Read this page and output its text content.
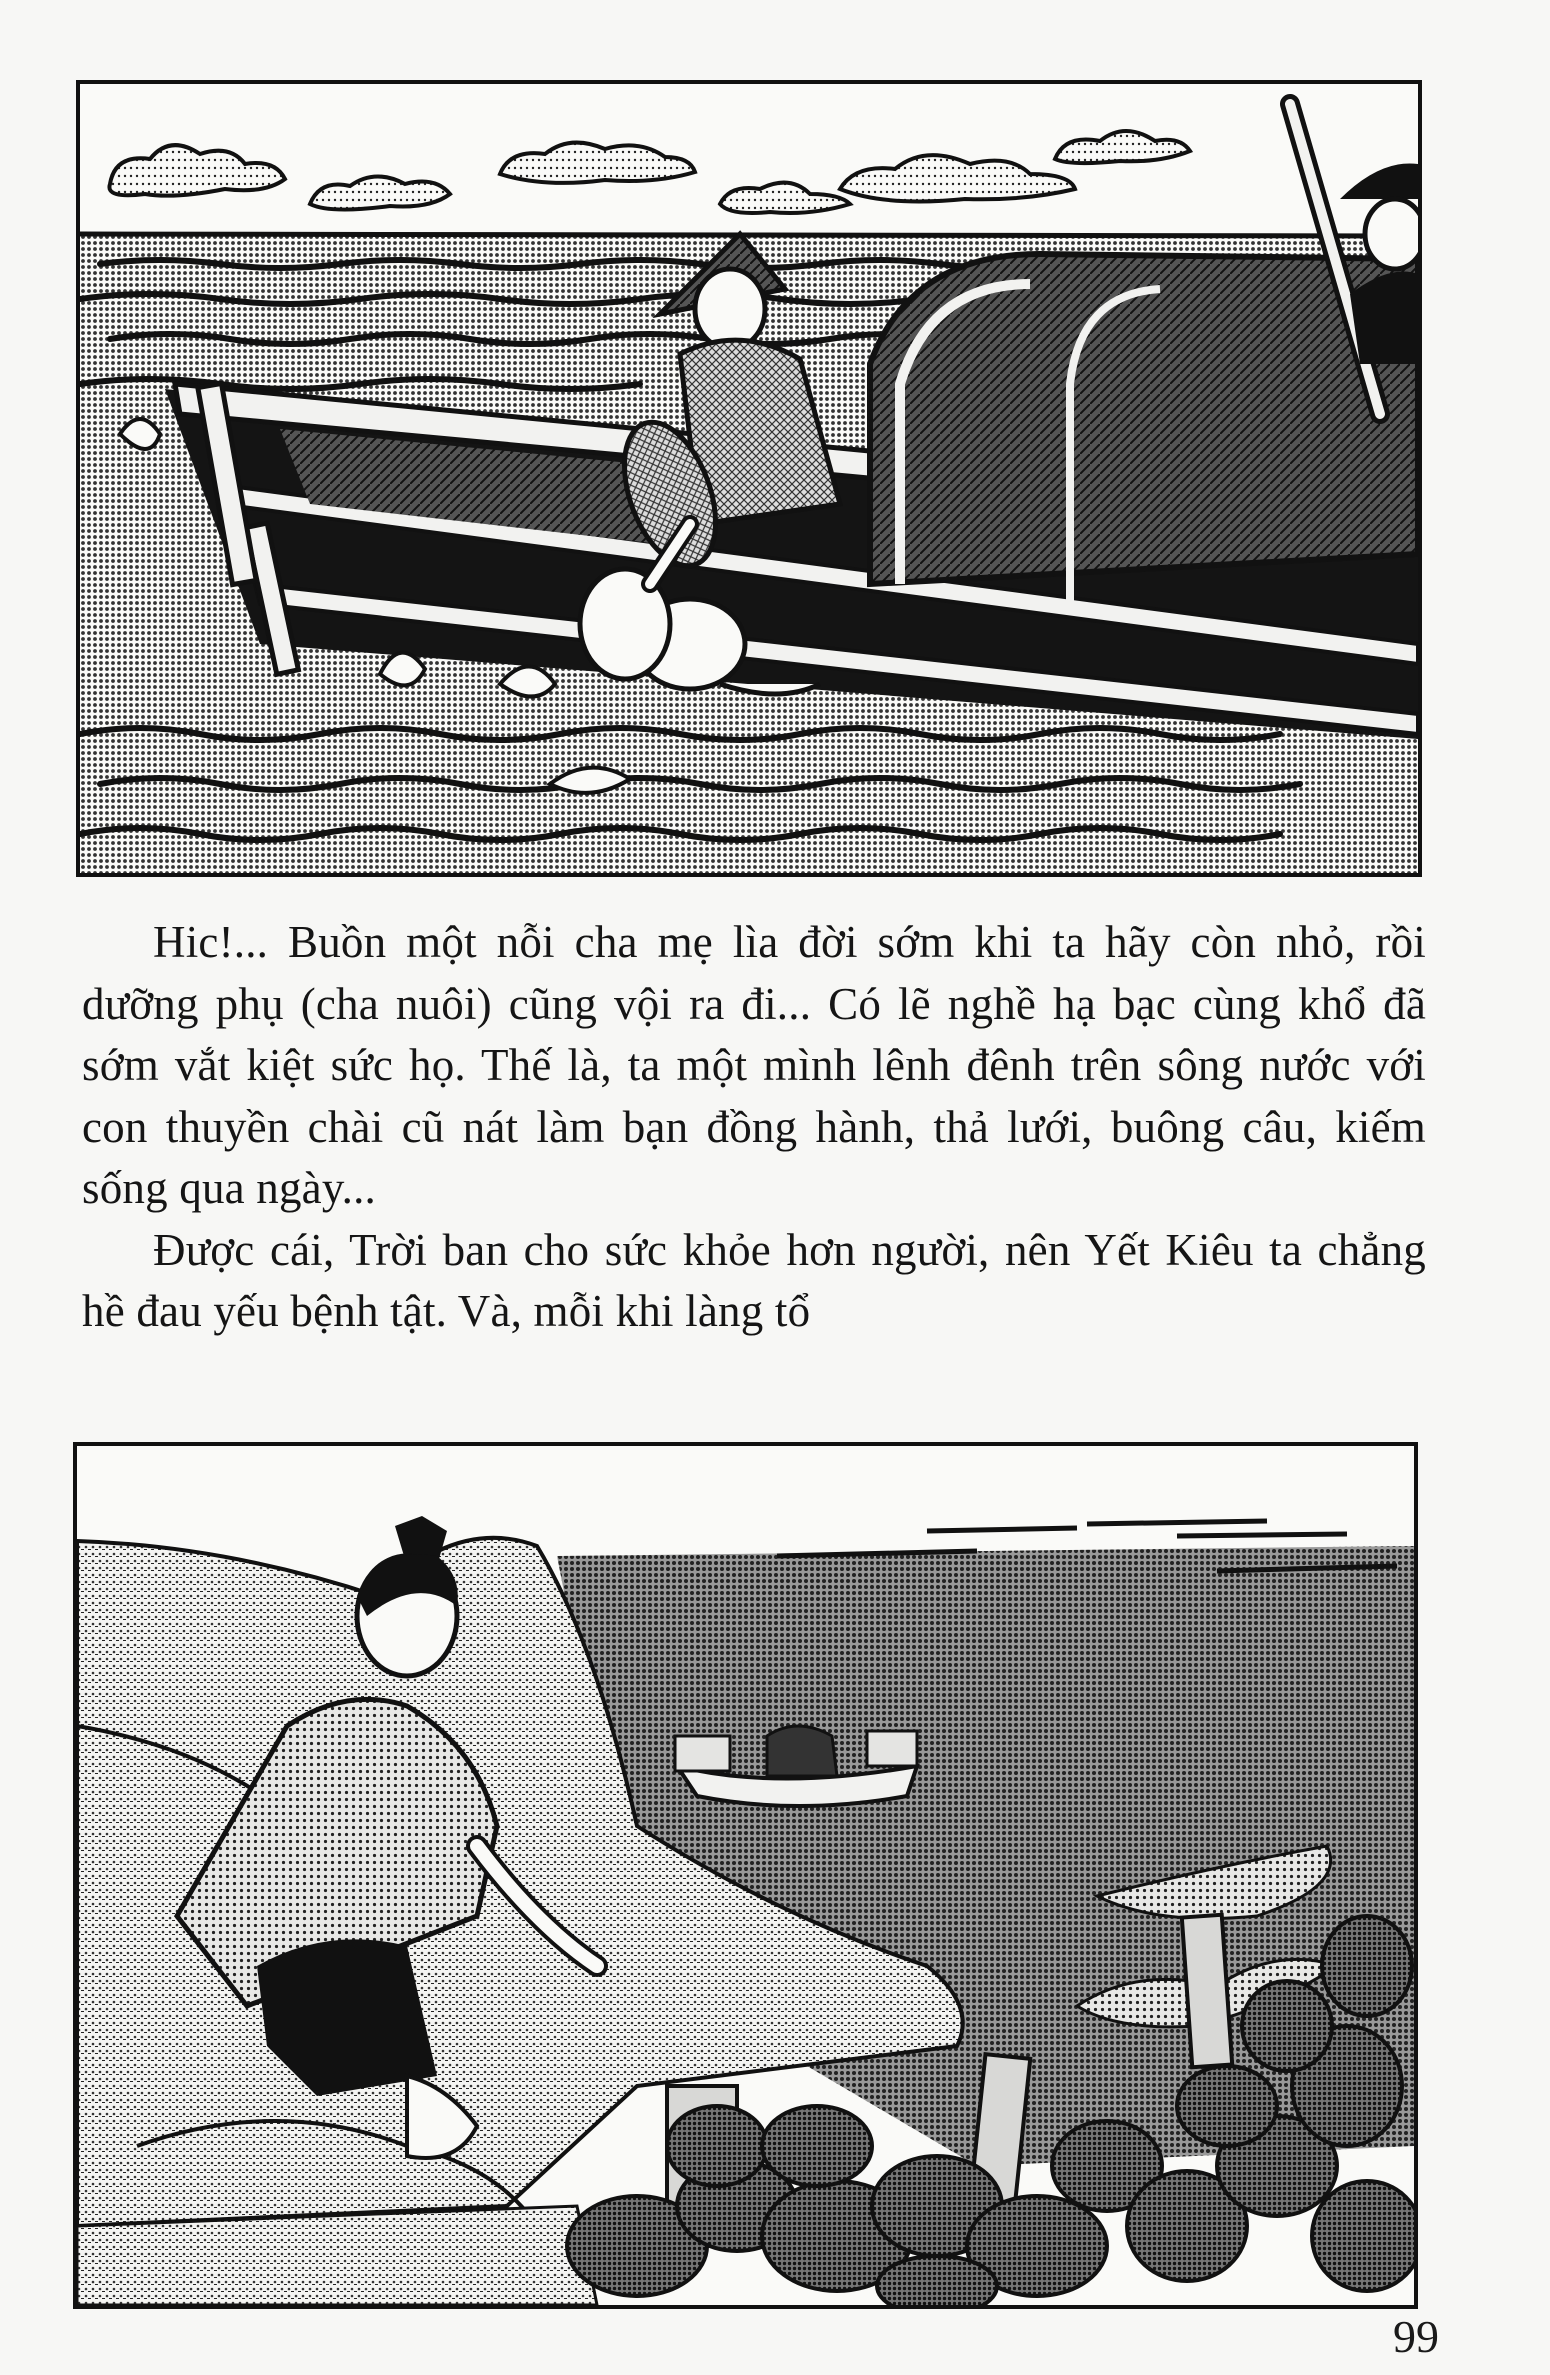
Hic!... Buồn một nỗi cha mẹ lìa đời sớm khi ta hãy còn nhỏ, rồi dưỡng phụ (cha nuôi) cũng vội ra đi... Có lẽ nghề hạ bạc cùng khổ đã sớm vắt kiệt sức họ. Thế là, ta một mình lênh đênh trên sông nước với con thuyền chài cũ nát làm bạn đồng hành, thả lưới, buông câu, kiếm sống qua ngày...

Được cái, Trời ban cho sức khỏe hơn người, nên Yết Kiêu ta chẳng hề đau yếu bệnh tật. Và, mỗi khi làng tổ

99
